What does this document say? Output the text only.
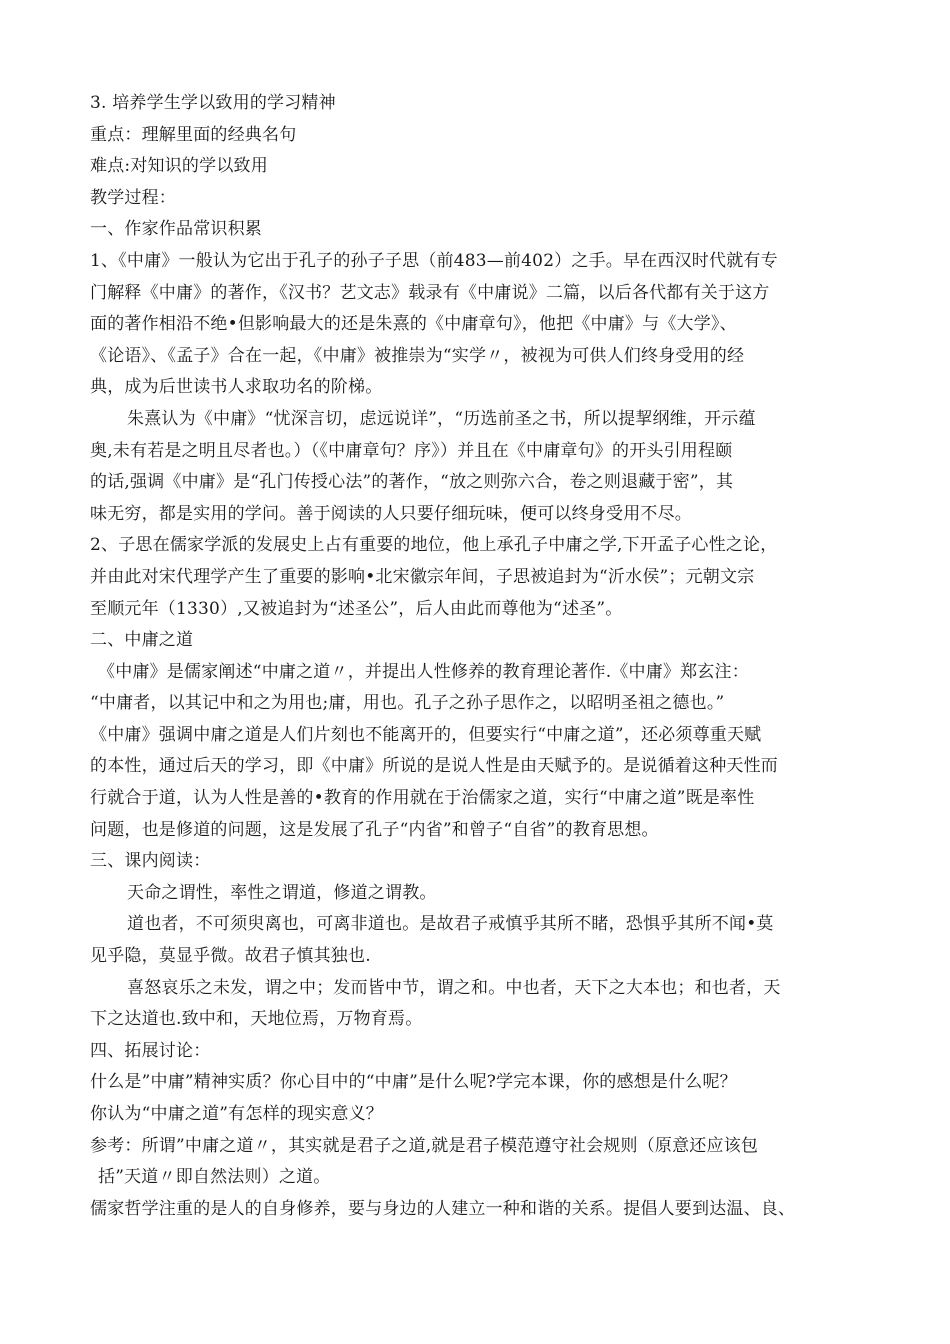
3. 培养学生学以致用的学习精神
重点：理解里面的经典名句
难点:对知识的学以致用
教学过程：
一、作家作品常识积累
1、《中庸》一般认为它出于孔子的孙子子思（前483—前402）之手。早在西汉时代就有专
门解释《中庸》的著作，《汉书？艺文志》载录有《中庸说》二篇，以后各代都有关于这方
面的著作相沿不绝•但影响最大的还是朱熹的《中庸章句》，他把《中庸》与《大学》、
《论语》、《孟子》合在一起，《中庸》被推崇为“实学〃，被视为可供人们终身受用的经
典，成为后世读书人求取功名的阶梯。
朱熹认为《中庸》“忧深言切，虑远说详”，“历选前圣之书，所以提挈纲维，开示蕴
奥,未有若是之明且尽者也。）（《中庸章句？序》）并且在《中庸章句》的开头引用程颐
的话,强调《中庸》是“孔门传授心法”的著作，“放之则弥六合，卷之则退藏于密”，其
味无穷，都是实用的学问。善于阅读的人只要仔细玩味，便可以终身受用不尽。
2、子思在儒家学派的发展史上占有重要的地位，他上承孔子中庸之学,下开孟子心性之论，
并由此对宋代理学产生了重要的影响•北宋徽宗年间，子思被追封为“沂水侯”；元朝文宗
至顺元年（1330）,又被追封为“述圣公”，后人由此而尊他为“述圣”。
二、中庸之道
《中庸》是儒家阐述“中庸之道〃，并提出人性修养的教育理论著作.《中庸》郑玄注：
“中庸者，以其记中和之为用也;庸，用也。孔子之孙子思作之，以昭明圣祖之德也。”
《中庸》强调中庸之道是人们片刻也不能离开的，但要实行“中庸之道”，还必须尊重天赋
的本性，通过后天的学习，即《中庸》所说的是说人性是由天赋予的。是说循着这种天性而
行就合于道，认为人性是善的•教育的作用就在于治儒家之道，实行“中庸之道”既是率性
问题，也是修道的问题，这是发展了孔子“内省”和曾子“自省”的教育思想。
三、课内阅读：
天命之谓性，率性之谓道，修道之谓教。
道也者，不可须臾离也，可离非道也。是故君子戒慎乎其所不睹，恐惧乎其所不闻•莫
见乎隐，莫显乎微。故君子慎其独也.
喜怒哀乐之未发，谓之中；发而皆中节，谓之和。中也者，天下之大本也；和也者，天
下之达道也.致中和，天地位焉，万物育焉。
四、拓展讨论：
什么是”中庸”精神实质？你心目中的“中庸”是什么呢?学完本课，你的感想是什么呢？
你认为“中庸之道”有怎样的现实意义？
参考：所谓”中庸之道〃，其实就是君子之道,就是君子模范遵守社会规则（原意还应该包
括”天道〃即自然法则）之道。
儒家哲学注重的是人的自身修养，要与身边的人建立一种和谐的关系。提倡人要到达温、良、
